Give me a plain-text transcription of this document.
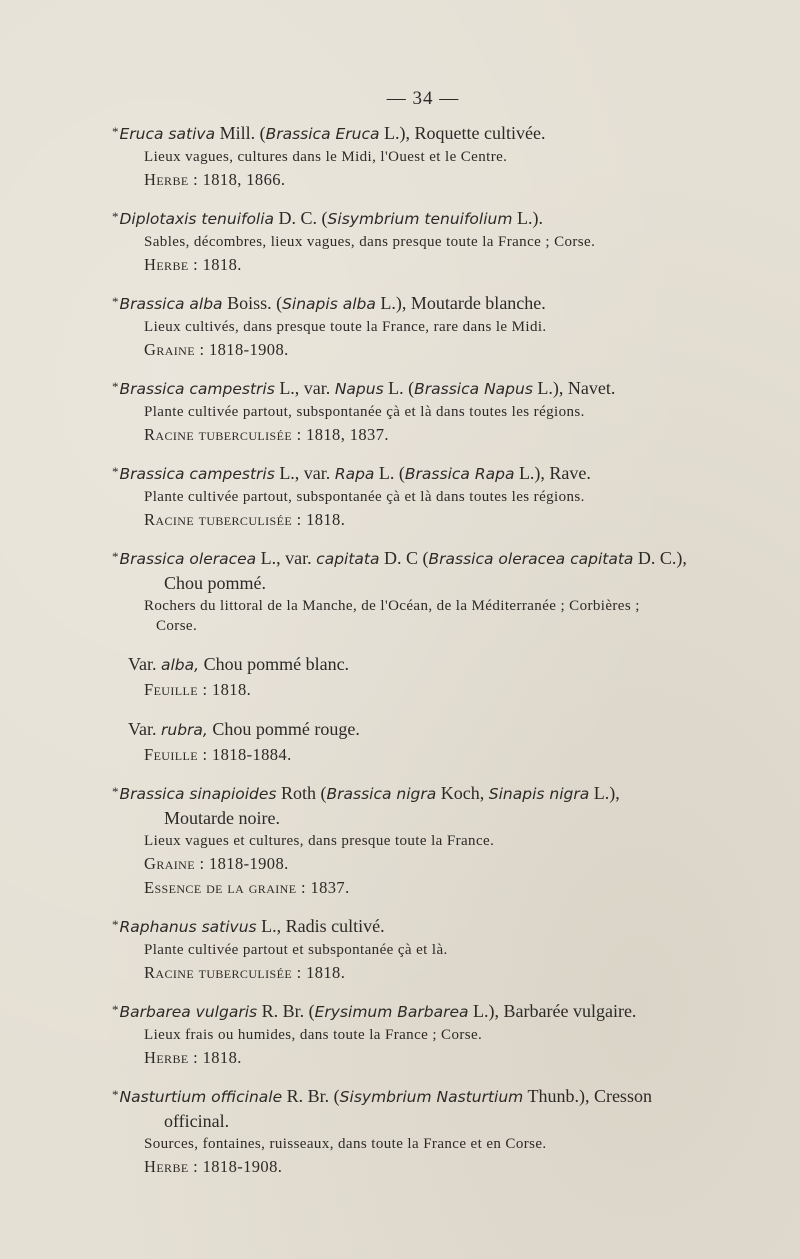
— 34 —

*Eruca sativa Mill. (Brassica Eruca L.), Roquette cultivée.

Lieux vagues, cultures dans le Midi, l'Ouest et le Centre.

Herbe : 1818, 1866.

*Diplotaxis tenuifolia D. C. (Sisymbrium tenuifolium L.).

Sables, décombres, lieux vagues, dans presque toute la France ; Corse.

Herbe : 1818.

*Brassica alba Boiss. (Sinapis alba L.), Moutarde blanche.

Lieux cultivés, dans presque toute la France, rare dans le Midi.

Graine : 1818-1908.

*Brassica campestris L., var. Napus L. (Brassica Napus L.), Navet.

Plante cultivée partout, subspontanée çà et là dans toutes les régions.

Racine tuberculisée : 1818, 1837.

*Brassica campestris L., var. Rapa L. (Brassica Rapa L.), Rave.

Plante cultivée partout, subspontanée çà et là dans toutes les régions.

Racine tuberculisée : 1818.

*Brassica oleracea L., var. capitata D. C (Brassica oleracea capitata D. C.),
Chou pommé.

Rochers du littoral de la Manche, de l'Océan, de la Méditerranée ; Corbières ;
Corse.

Var. alba, Chou pommé blanc.

Feuille : 1818.

Var. rubra, Chou pommé rouge.

Feuille : 1818-1884.

*Brassica sinapioides Roth (Brassica nigra Koch, Sinapis nigra L.),
Moutarde noire.

Lieux vagues et cultures, dans presque toute la France.

Graine : 1818-1908.

Essence de la graine : 1837.

*Raphanus sativus L., Radis cultivé.

Plante cultivée partout et subspontanée çà et là.

Racine tuberculisée : 1818.

*Barbarea vulgaris R. Br. (Erysimum Barbarea L.), Barbarée vulgaire.

Lieux frais ou humides, dans toute la France ; Corse.

Herbe : 1818.

*Nasturtium officinale R. Br. (Sisymbrium Nasturtium Thunb.), Cresson
officinal.

Sources, fontaines, ruisseaux, dans toute la France et en Corse.

Herbe : 1818-1908.
